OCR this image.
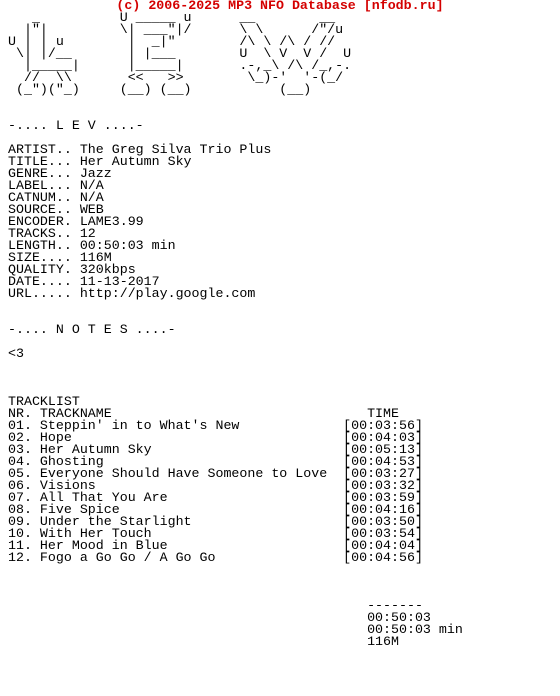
(c) 2006-2025 MP3 NFO Database [nfodb.ru]
_          U _____ u      __        __
|"|         \| ___"|/      \ \      /"/u
U | | u        |  _|"        /\ \ /\ / //
\| |/__       | |___        U  \ V  V /  U
|_____|      |_____|       .-,_\ /\ /_,-.
//  \\       <<   >>        \_)-'  '-(_/
(_")("_)     (__) (__)           (__)
-.... L E V ....-
ARTIST.. The Greg Silva Trio Plus
TITLE... Her Autumn Sky
GENRE... Jazz
LABEL... N/A
CATNUM.. N/A
SOURCE.. WEB
ENCODER. LAME3.99
TRACKS.. 12
LENGTH.. 00:50:03 min
SIZE.... 116M
QUALITY. 320kbps
DATE.... 11-13-2017
URL..... http://play.google.com
-.... N O T E S ....-
<3
TRACKLIST
NR. TRACKNAME                                TIME
01. Steppin' in to What's New             [00:03:56]
02. Hope                                  [00:04:03]
03. Her Autumn Sky                        [00:05:13]
04. Ghosting                              [00:04:53]
05. Everyone Should Have Someone to Love  [00:03:27]
06. Visions                               [00:03:32]
07. All That You Are                      [00:03:59]
08. Five Spice                            [00:04:16]
09. Under the Starlight                   [00:03:50]
10. With Her Touch                        [00:03:54]
11. Her Mood in Blue                      [00:04:04]
12. Fogo a Go Go / A Go Go                [00:04:56]
-------
00:50:03
00:50:03 min
116M
